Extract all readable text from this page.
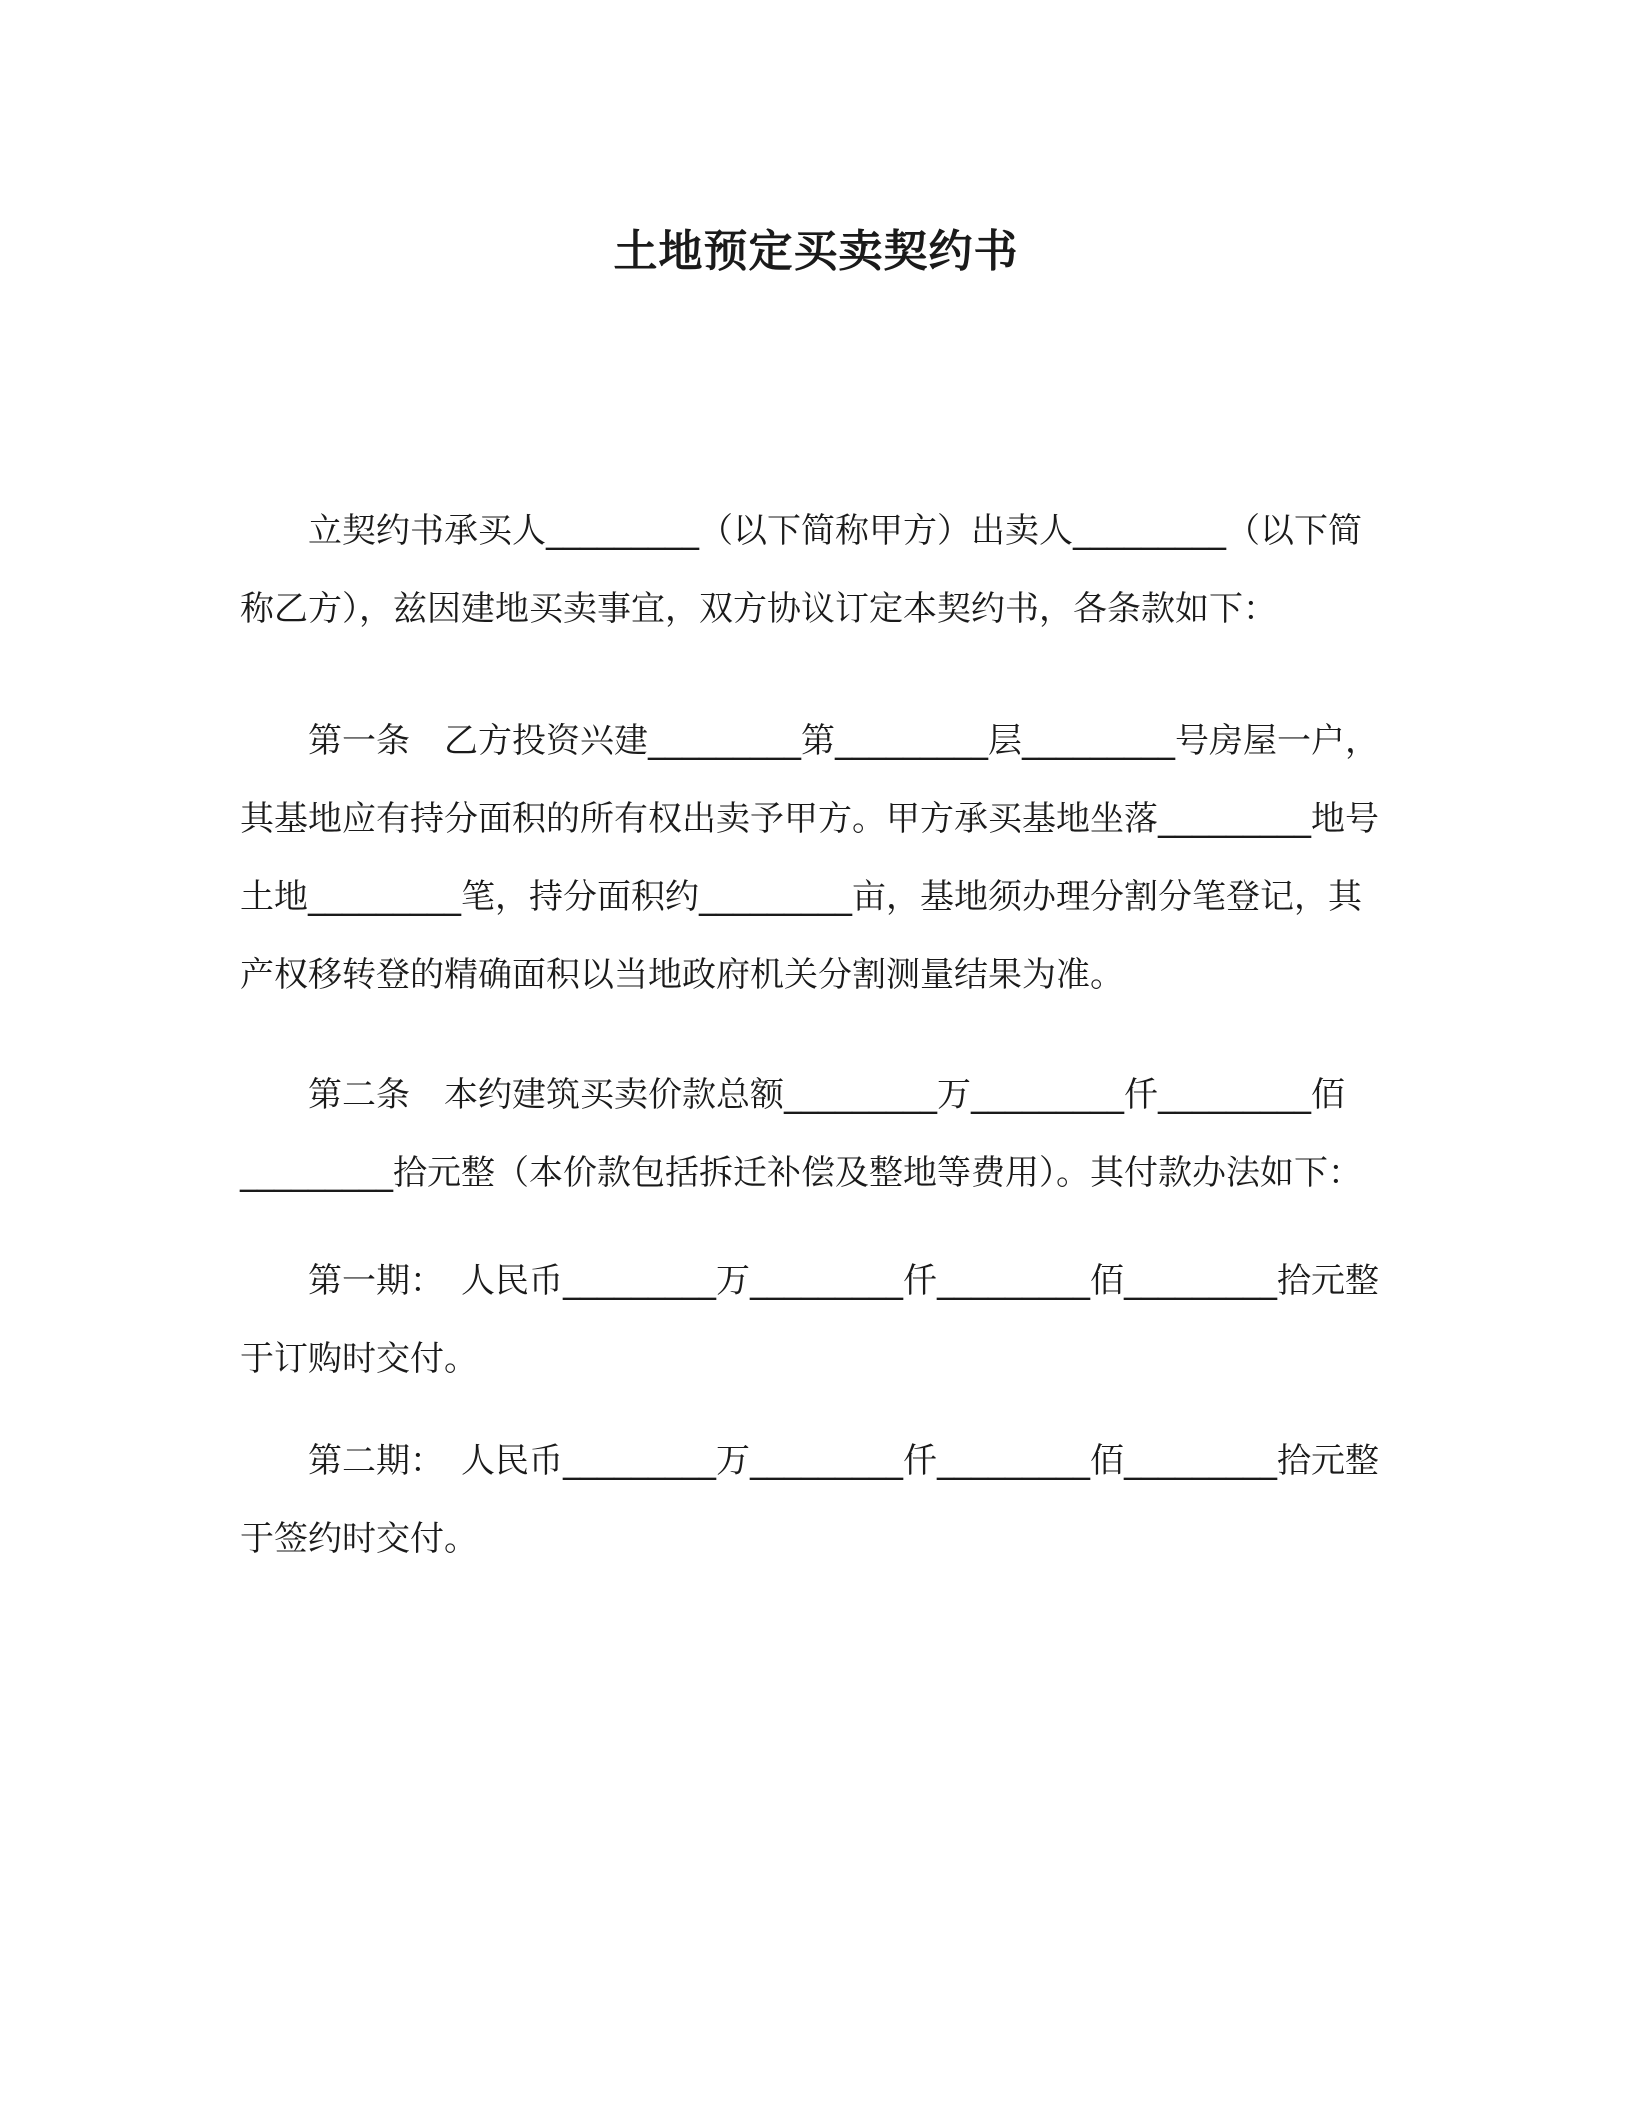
土地预定买卖契约书

立契约书承买人_________（以下简称甲方）出卖人_________（以下简称乙方），兹因建地买卖事宜，双方协议订定本契约书，各条款如下：

第一条　乙方投资兴建_________第_________层_________号房屋一户，其基地应有持分面积的所有权出卖予甲方。甲方承买基地坐落_________地号土地_________笔，持分面积约_________亩，基地须办理分割分笔登记，其产权移转登的精确面积以当地政府机关分割测量结果为准。

第二条　本约建筑买卖价款总额_________万_________仟_________佰_________拾元整（本价款包括拆迁补偿及整地等费用）。其付款办法如下：

第一期：　人民币_________万_________仟_________佰_________拾元整于订购时交付。

第二期：　人民币_________万_________仟_________佰_________拾元整于签约时交付。
